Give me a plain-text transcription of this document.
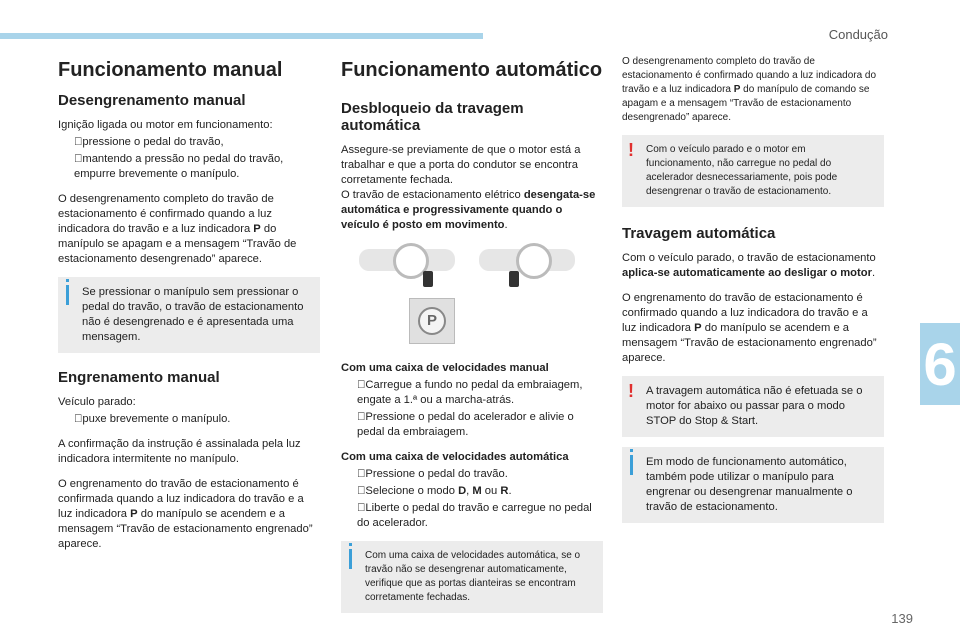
Condução
6
139
Funcionamento manual
Desengrenamento manual

Ignição ligada ou motor em funcionamento:

pressione o pedal do travão,

mantendo a pressão no pedal do travão, empurre brevemente o manípulo.

O desengrenamento completo do travão de estacionamento é confirmado quando a luz indicadora do travão e a luz indicadora P do manípulo se apagam e a mensagem “Travão de estacionamento desengrenado” aparece.

Se pressionar o manípulo sem pressionar o pedal do travão, o travão de estacionamento não é desengrenado e é apresentada uma mensagem.

Engrenamento manual

Veículo parado:

puxe brevemente o manípulo.

A confirmação da instrução é assinalada pela luz indicadora intermitente no manípulo.

O engrenamento do travão de estacionamento é confirmada quando a luz indicadora do travão e a luz indicadora P do manípulo se acendem e a mensagem “Travão de estacionamento engrenado” aparece.

Funcionamento automático
Desbloqueio da travagem automática

Assegure-se previamente de que o motor está a trabalhar e que a porta do condutor se encontra corretamente fechada.
O travão de estacionamento elétrico desengata-se automática e progressivamente quando o veículo é posto em movimento.

P

Com uma caixa de velocidades manual

Carregue a fundo no pedal da embraiagem, engate a 1.ª ou a marcha-atrás.

Pressione o pedal do acelerador e alivie o pedal da embraiagem.

Com uma caixa de velocidades automática

Pressione o pedal do travão.

Selecione o modo D, M ou R.

Liberte o pedal do travão e carregue no pedal do acelerador.

Com uma caixa de velocidades automática, se o travão não se desengrenar automaticamente, verifique que as portas dianteiras se encontram corretamente fechadas.

O desengrenamento completo do travão de estacionamento é confirmado quando a luz indicadora do travão e a luz indicadora P do manípulo de comando se apagam e a mensagem “Travão de estacionamento desengrenado” aparece.

! Com o veículo parado e o motor em funcionamento, não carregue no pedal do acelerador desnecessariamente, pois pode desengrenar o travão de estacionamento.

Travagem automática

Com o veículo parado, o travão de estacionamento aplica-se automaticamente ao desligar o motor.

O engrenamento do travão de estacionamento é confirmado quando a luz indicadora do travão e a luz indicadora P do manípulo se acendem e a mensagem “Travão de estacionamento engrenado” aparece.

! A travagem automática não é efetuada se o motor for abaixo ou passar para o modo STOP do Stop & Start.

Em modo de funcionamento automático, também pode utilizar o manípulo para engrenar ou desengrenar manualmente o travão de estacionamento.
